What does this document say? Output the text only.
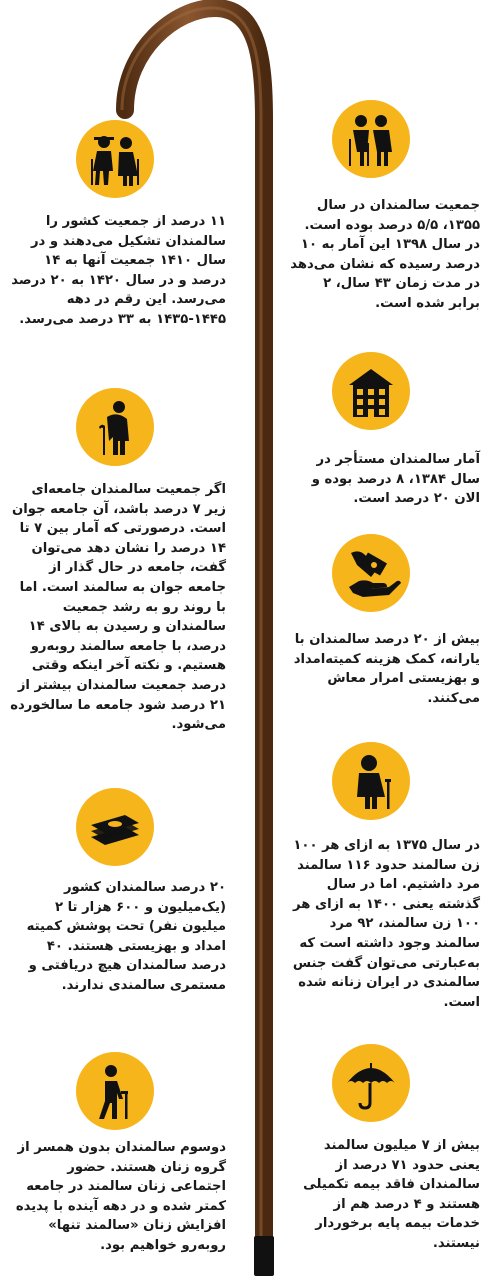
۱۱ درصد از جمعیت کشور را سالمندان تشکیل می‌دهند و در سال ۱۴۱۰ جمعیت آنها به ۱۴ درصد و در سال ۱۴۲۰ به ۲۰ درصد می‌رسد. این رقم در دهه ۱۴۴۵-۱۴۳۵ به ۳۳ درصد می‌رسد.
اگر جمعیت سالمندان جامعه‌ای زیر ۷ درصد باشد، آن جامعه جوان است. درصورتی که آمار بین ۷ تا ۱۴ درصد را نشان دهد می‌توان گفت، جامعه در حال گذار از جامعه جوان به سالمند است. اما با روند رو به رشد جمعیت سالمندان و رسیدن به بالای ۱۴ درصد، با جامعه سالمند روبه‌رو هستیم. و نکته آخر اینکه وقتی درصد جمعیت سالمندان بیشتر از ۲۱ درصد شود جامعه ما سالخورده می‌شود.
۲۰ درصد سالمندان کشور (یک‌میلیون و ۶۰۰ هزار تا ۲ میلیون نفر) تحت پوشش کمیته امداد و بهزیستی هستند. ۴۰ درصد سالمندان هیچ دریافتی و مستمری سالمندی ندارند.
دوسوم سالمندان بدون همسر از گروه زنان هستند. حضور اجتماعی زنان سالمند در جامعه کمتر شده و در دهه آینده با پدیده افزایش زنان «سالمند تنها» روبه‌رو خواهیم بود.
جمعیت سالمندان در سال ۱۳۵۵، ۵/۵ درصد بوده است. در سال ۱۳۹۸ این آمار به ۱۰ درصد رسیده که نشان می‌دهد در مدت زمان ۴۳ سال، ۲ برابر شده است.
آمار سالمندان مستأجر در سال ۱۳۸۴، ۸ درصد بوده و الان ۲۰ درصد است.
بیش از ۲۰ درصد سالمندان با یارانه، کمک هزینه کمیته‌امداد و بهزیستی امرار معاش می‌کنند.
در سال ۱۳۷۵ به ازای هر ۱۰۰ زن سالمند حدود ۱۱۶ سالمند مرد داشتیم. اما در سال گذشته یعنی ۱۴۰۰ به ازای هر ۱۰۰ زن سالمند، ۹۲ مرد سالمند وجود داشته است که به‌عبارتی می‌توان گفت جنس سالمندی در ایران زنانه شده است.
بیش از ۷ میلیون سالمند یعنی حدود ۷۱ درصد از سالمندان فاقد بیمه تکمیلی هستند و ۴ درصد هم از خدمات بیمه پایه برخوردار نیستند.
